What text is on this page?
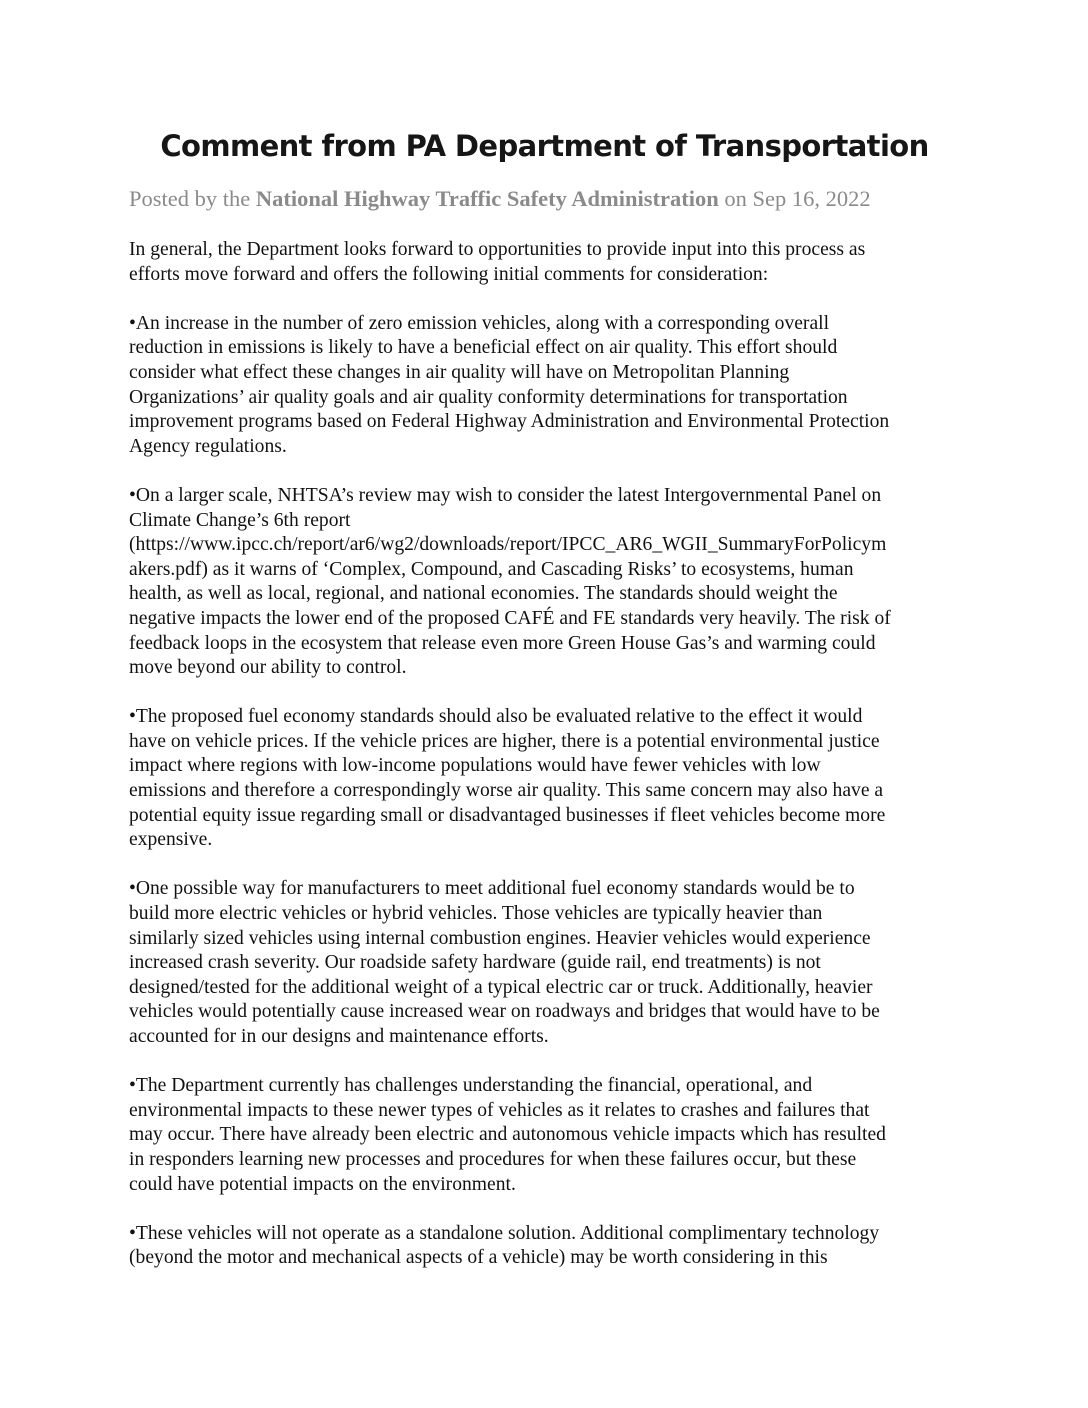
Comment from PA Department of Transportation
Posted by the National Highway Traffic Safety Administration on Sep 16, 2022
In general, the Department looks forward to opportunities to provide input into this process as
efforts move forward and offers the following initial comments for consideration:
•An increase in the number of zero emission vehicles, along with a corresponding overall
reduction in emissions is likely to have a beneficial effect on air quality. This effort should
consider what effect these changes in air quality will have on Metropolitan Planning
Organizations’ air quality goals and air quality conformity determinations for transportation
improvement programs based on Federal Highway Administration and Environmental Protection
Agency regulations.
•On a larger scale, NHTSA’s review may wish to consider the latest Intergovernmental Panel on
Climate Change’s 6th report
(https://www.ipcc.ch/report/ar6/wg2/downloads/report/IPCC_AR6_WGII_SummaryForPolicym
akers.pdf) as it warns of ‘Complex, Compound, and Cascading Risks’ to ecosystems, human
health, as well as local, regional, and national economies. The standards should weight the
negative impacts the lower end of the proposed CAFÉ and FE standards very heavily. The risk of
feedback loops in the ecosystem that release even more Green House Gas’s and warming could
move beyond our ability to control.
•The proposed fuel economy standards should also be evaluated relative to the effect it would
have on vehicle prices. If the vehicle prices are higher, there is a potential environmental justice
impact where regions with low-income populations would have fewer vehicles with low
emissions and therefore a correspondingly worse air quality. This same concern may also have a
potential equity issue regarding small or disadvantaged businesses if fleet vehicles become more
expensive.
•One possible way for manufacturers to meet additional fuel economy standards would be to
build more electric vehicles or hybrid vehicles. Those vehicles are typically heavier than
similarly sized vehicles using internal combustion engines. Heavier vehicles would experience
increased crash severity. Our roadside safety hardware (guide rail, end treatments) is not
designed/tested for the additional weight of a typical electric car or truck. Additionally, heavier
vehicles would potentially cause increased wear on roadways and bridges that would have to be
accounted for in our designs and maintenance efforts.
•The Department currently has challenges understanding the financial, operational, and
environmental impacts to these newer types of vehicles as it relates to crashes and failures that
may occur. There have already been electric and autonomous vehicle impacts which has resulted
in responders learning new processes and procedures for when these failures occur, but these
could have potential impacts on the environment.
•These vehicles will not operate as a standalone solution. Additional complimentary technology
(beyond the motor and mechanical aspects of a vehicle) may be worth considering in this
